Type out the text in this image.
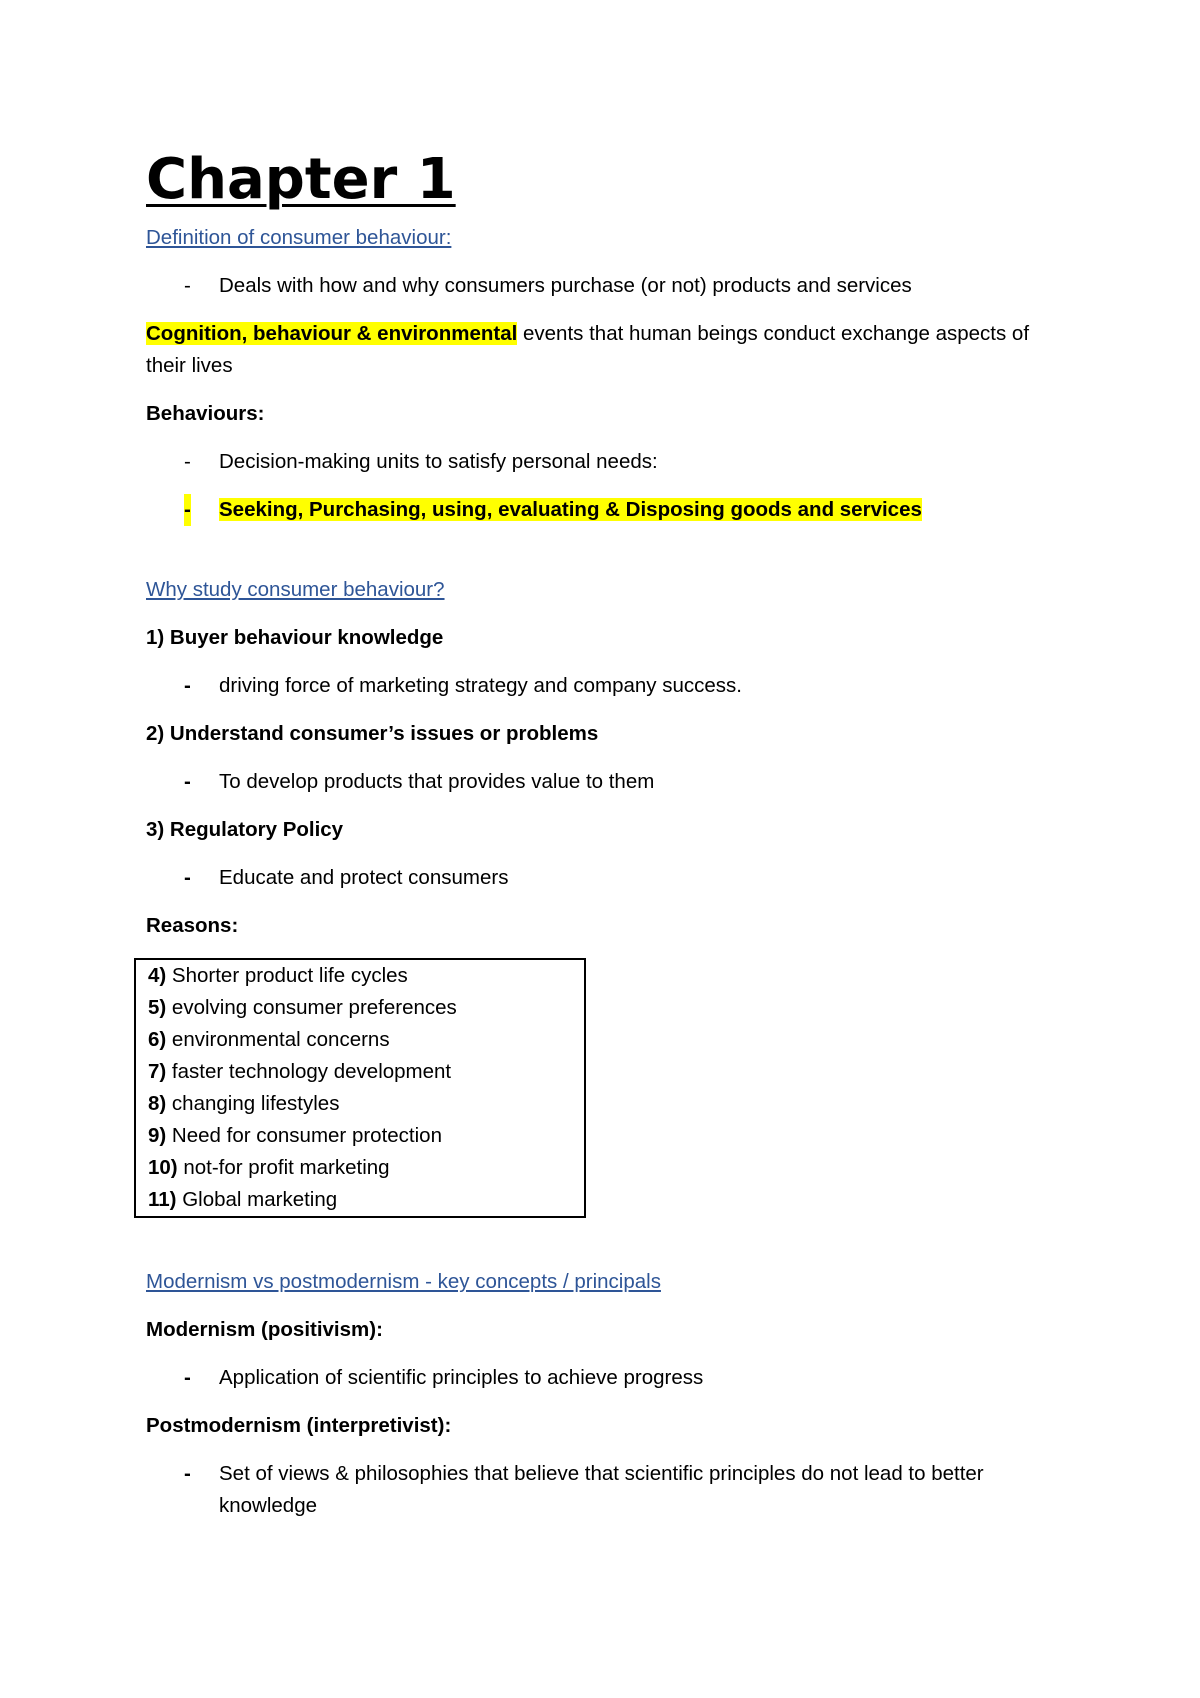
Chapter 1

Definition of consumer behaviour:

- Deals with how and why consumers purchase (or not) products and services

Cognition, behaviour & environmental events that human beings conduct exchange aspects of their lives

Behaviours:

- Decision-making units to satisfy personal needs:

- Seeking, Purchasing, using, evaluating & Disposing goods and services

Why study consumer behaviour?

1) Buyer behaviour knowledge

- driving force of marketing strategy and company success.

2) Understand consumer’s issues or problems

- To develop products that provides value to them

3) Regulatory Policy

- Educate and protect consumers

Reasons:

4) Shorter product life cycles

5) evolving consumer preferences

6) environmental concerns

7) faster technology development

8) changing lifestyles

9) Need for consumer protection

10) not-for profit marketing

11) Global marketing

Modernism vs postmodernism - key concepts / principals

Modernism (positivism):

- Application of scientific principles to achieve progress

Postmodernism (interpretivist):

- Set of views & philosophies that believe that scientific principles do not lead to better knowledge
